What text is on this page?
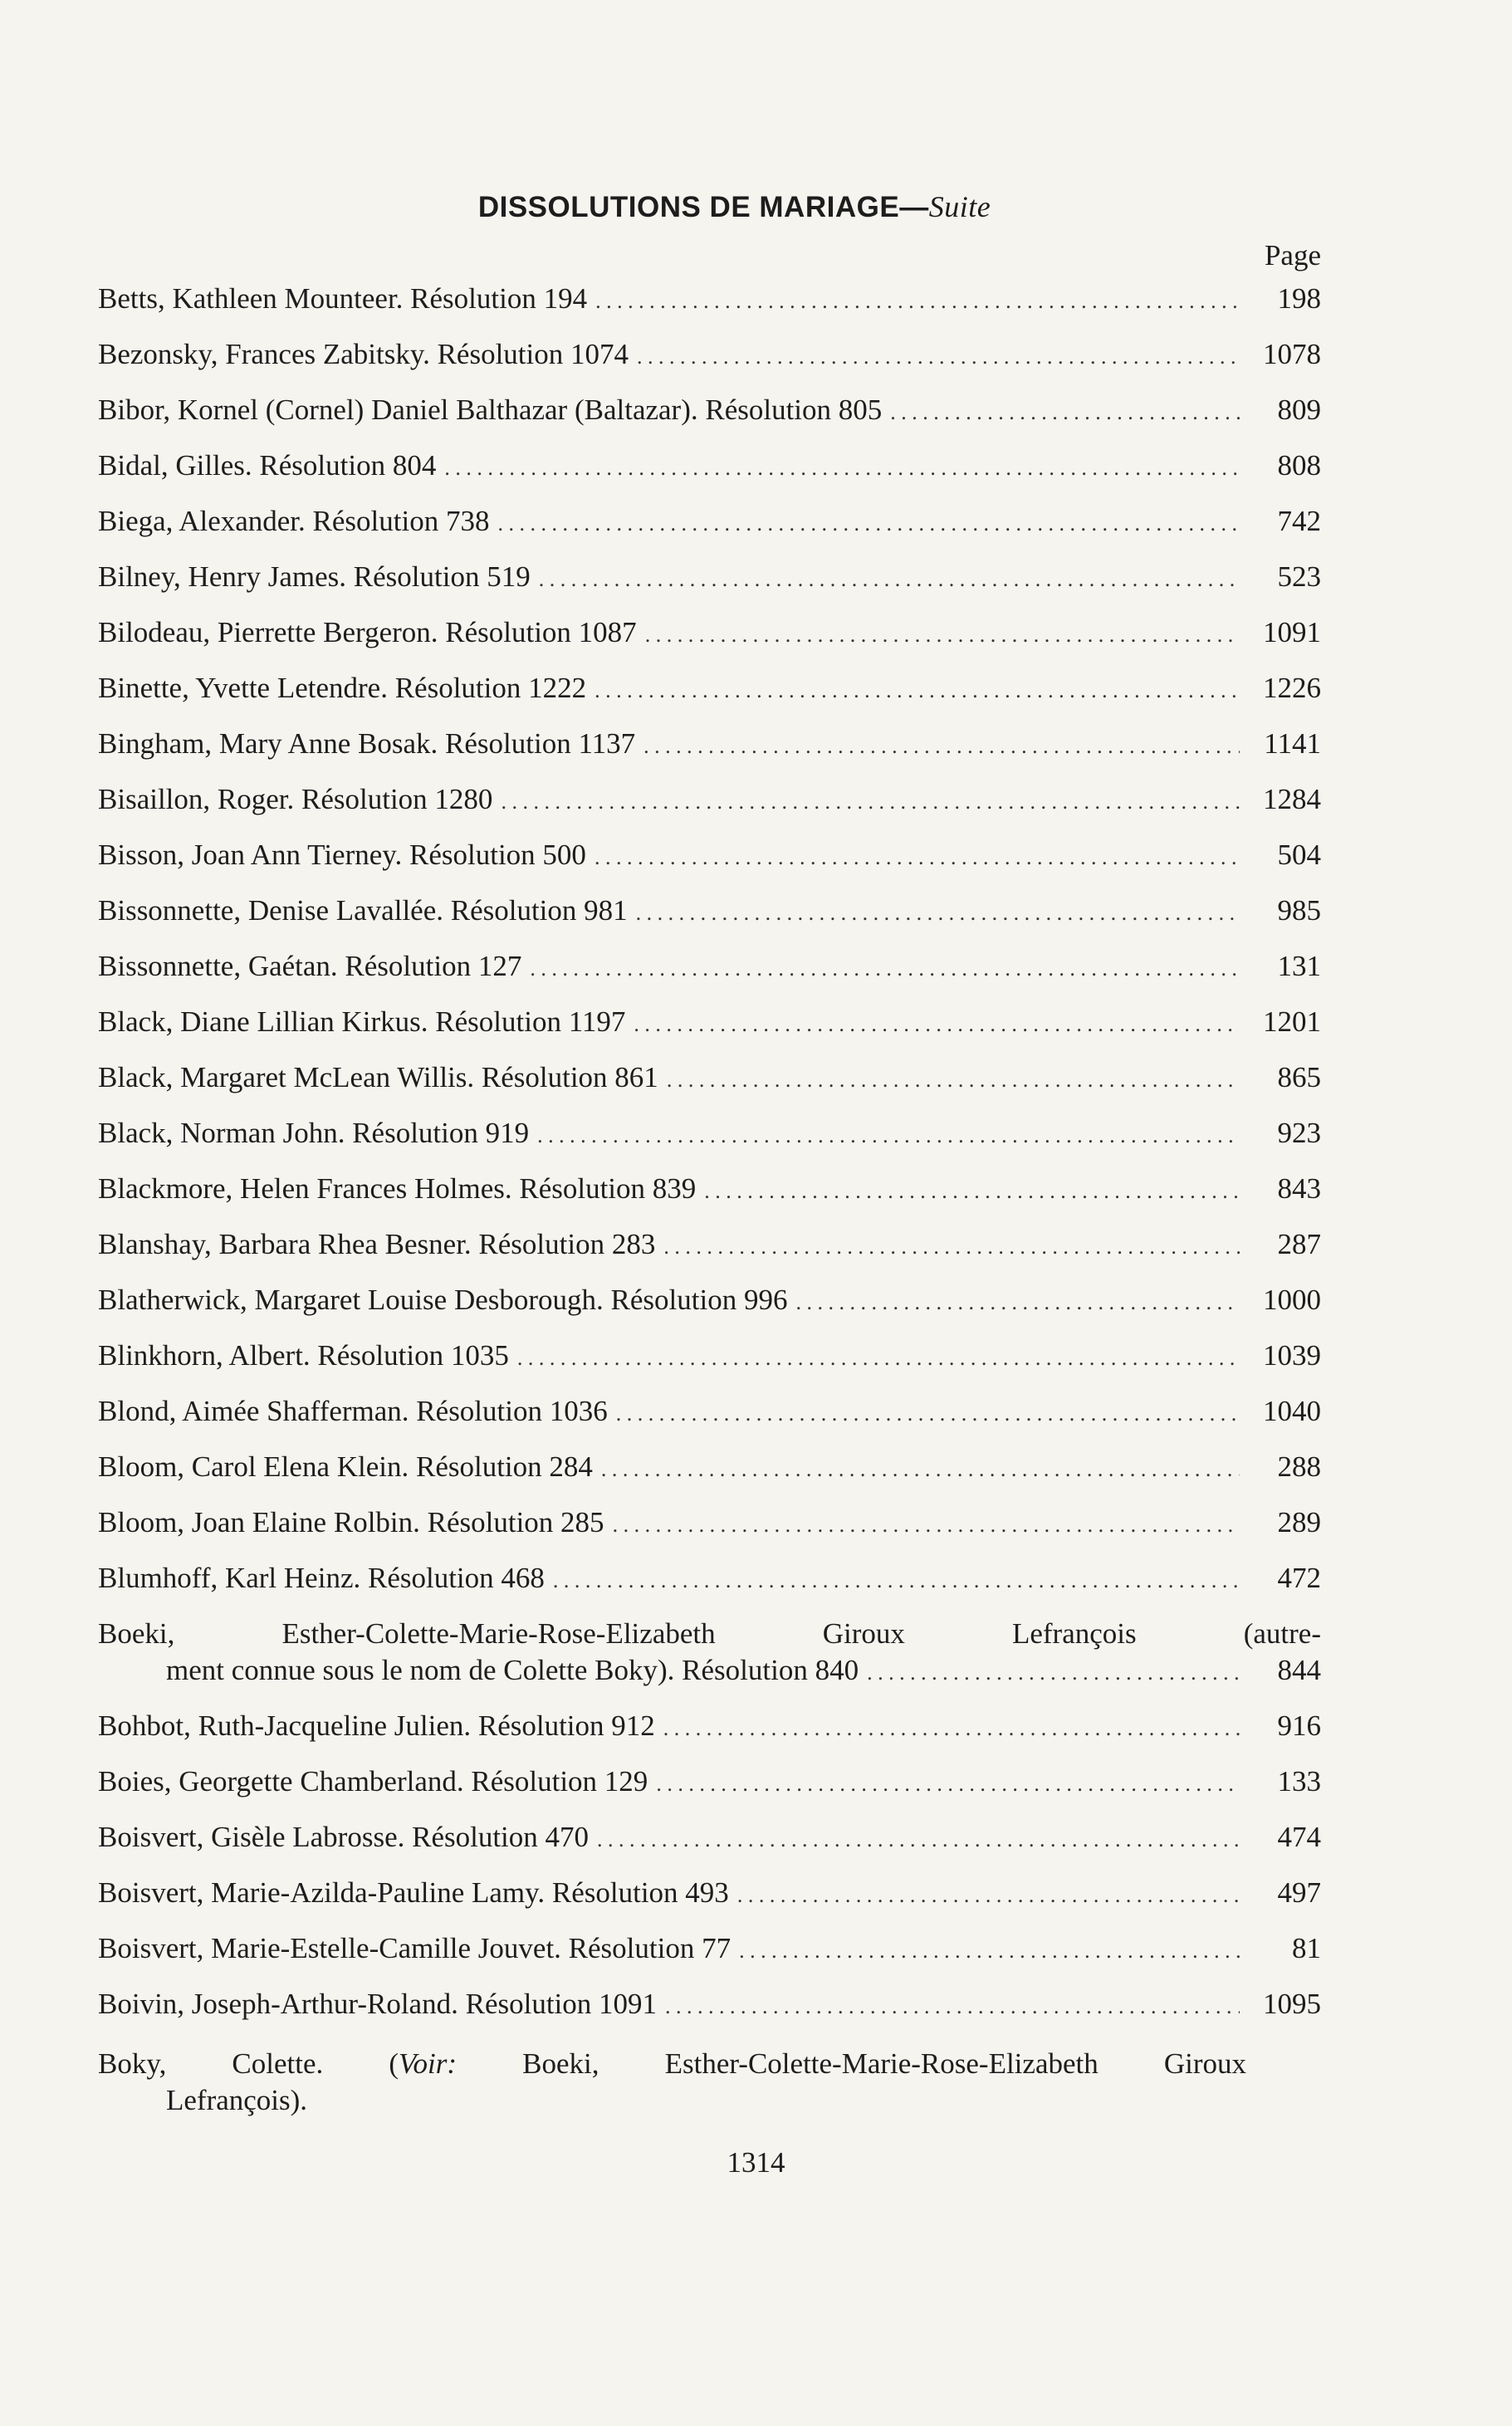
DISSOLUTIONS DE MARIAGE—Suite
Page
Betts, Kathleen Mounteer. Résolution 194 . . .	198
Bezonsky, Frances Zabitsky. Résolution 1074 . . .	1078
Bibor, Kornel (Cornel) Daniel Balthazar (Baltazar). Résolution 805 . . .	809
Bidal, Gilles. Résolution 804 . . .	808
Biega, Alexander. Résolution 738 . . .	742
Bilney, Henry James. Résolution 519 . . .	523
Bilodeau, Pierrette Bergeron. Résolution 1087 . . .	1091
Binette, Yvette Letendre. Résolution 1222 . . .	1226
Bingham, Mary Anne Bosak. Résolution 1137 . . .	1141
Bisaillon, Roger. Résolution 1280 . . .	1284
Bisson, Joan Ann Tierney. Résolution 500 . . .	504
Bissonnette, Denise Lavallée. Résolution 981 . . .	985
Bissonnette, Gaétan. Résolution 127 . . .	131
Black, Diane Lillian Kirkus. Résolution 1197 . . .	1201
Black, Margaret McLean Willis. Résolution 861 . . .	865
Black, Norman John. Résolution 919 . . .	923
Blackmore, Helen Frances Holmes. Résolution 839 . . .	843
Blanshay, Barbara Rhea Besner. Résolution 283 . . .	287
Blatherwick, Margaret Louise Desborough. Résolution 996 . . .	1000
Blinkhorn, Albert. Résolution 1035 . . .	1039
Blond, Aimée Shafferman. Résolution 1036 . . .	1040
Bloom, Carol Elena Klein. Résolution 284 . . .	288
Bloom, Joan Elaine Rolbin. Résolution 285 . . .	289
Blumhoff, Karl Heinz. Résolution 468 . . .	472
Boeki, Esther-Colette-Marie-Rose-Elizabeth Giroux Lefrançois (autre-
ment connue sous le nom de Colette Boky). Résolution 840 . . .	844
Bohbot, Ruth-Jacqueline Julien. Résolution 912 . . .	916
Boies, Georgette Chamberland. Résolution 129 . . .	133
Boisvert, Gisèle Labrosse. Résolution 470 . . .	474
Boisvert, Marie-Azilda-Pauline Lamy. Résolution 493 . . .	497
Boisvert, Marie-Estelle-Camille Jouvet. Résolution 77 . . .	81
Boivin, Joseph-Arthur-Roland. Résolution 1091 . . .	1095
Boky, Colette. (Voir: Boeki, Esther-Colette-Marie-Rose-Elizabeth Giroux
Lefrançois).
1314
